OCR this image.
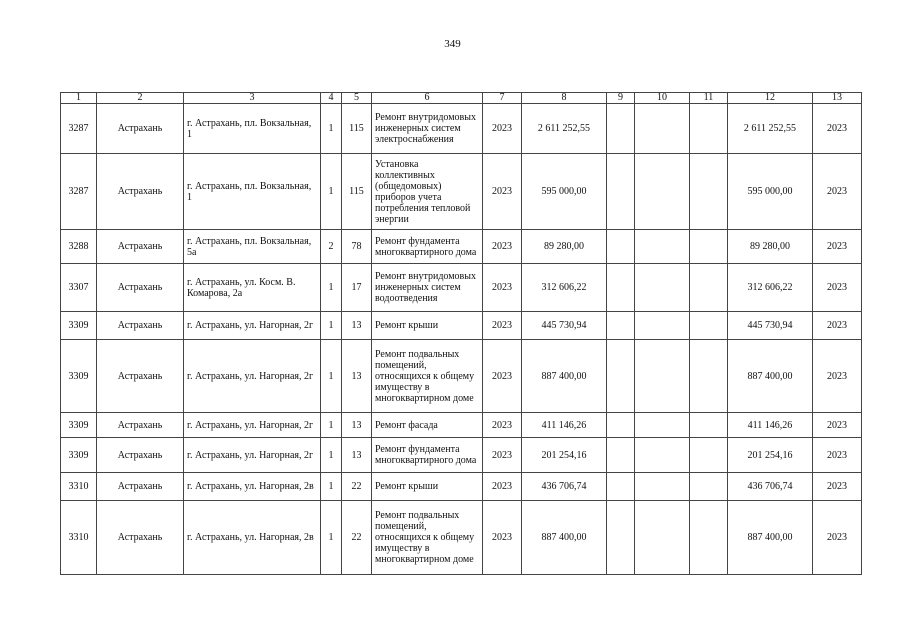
349
1	2	3	4	5	6	7	8	9	10	11	12	13
3287	Астрахань	г. Астрахань, пл. Вокзальная, 1	1	115	Ремонт внутридомовых инженерных систем электроснабжения	2023	2 611 252,55				2 611 252,55	2023
3287	Астрахань	г. Астрахань, пл. Вокзальная, 1	1	115	Установка коллективных (общедомовых) приборов учета потребления тепловой энергии	2023	595 000,00				595 000,00	2023
3288	Астрахань	г. Астрахань, пл. Вокзальная, 5а	2	78	Ремонт фундамента многоквартирного дома	2023	89 280,00				89 280,00	2023
3307	Астрахань	г. Астрахань, ул. Косм. В. Комарова, 2а	1	17	Ремонт внутридомовых инженерных систем водоотведения	2023	312 606,22				312 606,22	2023
3309	Астрахань	г. Астрахань, ул. Нагорная, 2г	1	13	Ремонт крыши	2023	445 730,94				445 730,94	2023
3309	Астрахань	г. Астрахань, ул. Нагорная, 2г	1	13	Ремонт подвальных помещений, относящихся к общему имуществу в многоквартирном доме	2023	887 400,00				887 400,00	2023
3309	Астрахань	г. Астрахань, ул. Нагорная, 2г	1	13	Ремонт фасада	2023	411 146,26				411 146,26	2023
3309	Астрахань	г. Астрахань, ул. Нагорная, 2г	1	13	Ремонт фундамента многоквартирного дома	2023	201 254,16				201 254,16	2023
3310	Астрахань	г. Астрахань, ул. Нагорная, 2в	1	22	Ремонт крыши	2023	436 706,74				436 706,74	2023
3310	Астрахань	г. Астрахань, ул. Нагорная, 2в	1	22	Ремонт подвальных помещений, относящихся к общему имуществу в многоквартирном доме	2023	887 400,00				887 400,00	2023
